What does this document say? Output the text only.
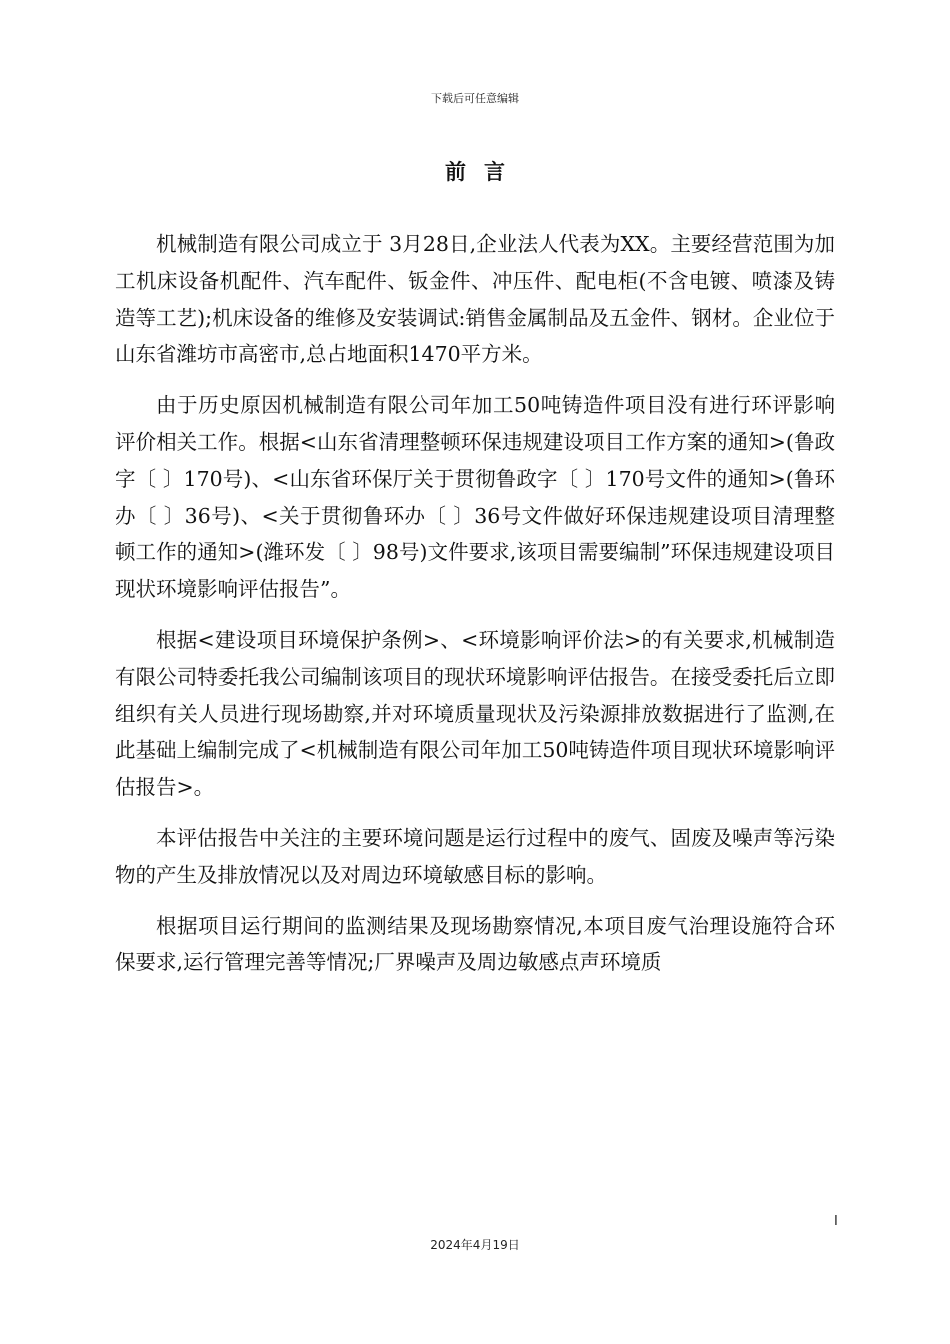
下载后可任意编辑
前言

机械制造有限公司成立于 3月28日,企业法人代表为XX。主要经营范围为加工机床设备机配件、汽车配件、钣金件、冲压件、配电柜(不含电镀、喷漆及铸造等工艺);机床设备的维修及安装调试:销售金属制品及五金件、钢材。企业位于山东省潍坊市高密市,总占地面积1470平方米。

由于历史原因机械制造有限公司年加工50吨铸造件项目没有进行环评影响评价相关工作。根据<山东省清理整顿环保违规建设项目工作方案的通知>(鲁政字〔 〕170号)、<山东省环保厅关于贯彻鲁政字〔 〕170号文件的通知>(鲁环办〔 〕36号)、<关于贯彻鲁环办〔 〕36号文件做好环保违规建设项目清理整顿工作的通知>(潍环发〔 〕98号)文件要求,该项目需要编制”环保违规建设项目现状环境影响评估报告”。

根据<建设项目环境保护条例>、<环境影响评价法>的有关要求,机械制造有限公司特委托我公司编制该项目的现状环境影响评估报告。在接受委托后立即组织有关人员进行现场勘察,并对环境质量现状及污染源排放数据进行了监测,在此基础上编制完成了<机械制造有限公司年加工50吨铸造件项目现状环境影响评估报告>。

本评估报告中关注的主要环境问题是运行过程中的废气、固废及噪声等污染物的产生及排放情况以及对周边环境敏感目标的影响。

根据项目运行期间的监测结果及现场勘察情况,本项目废气治理设施符合环保要求,运行管理完善等情况;厂界噪声及周边敏感点声环境质

I
2024年4月19日
